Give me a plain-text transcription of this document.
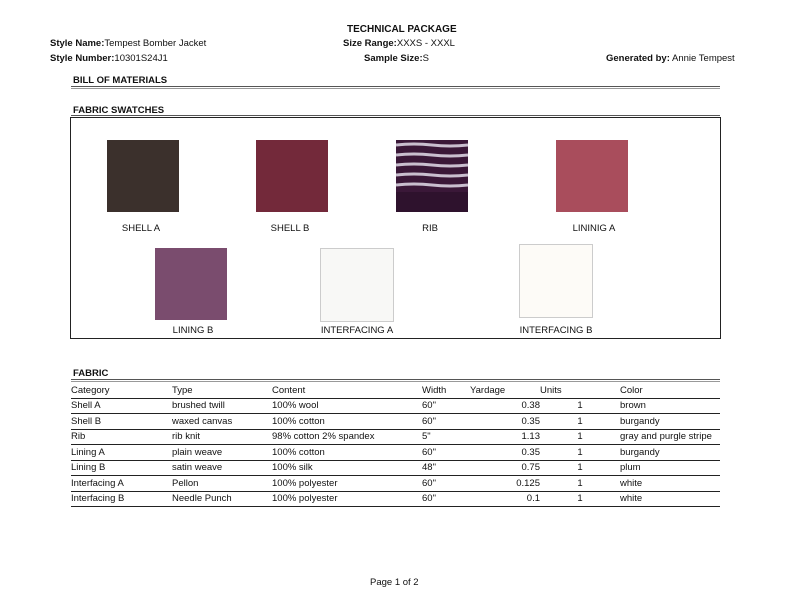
TECHNICAL PACKAGE
Style Name:Tempest Bomber Jacket
Style Number:10301S24J1
Size Range:XXXS - XXXL
Sample Size:S	Generated by: Annie Tempest
BILL OF MATERIALS
FABRIC SWATCHES
SHELL A	SHELL B	RIB	LININIG A
LINING B	INTERFACING A	INTERFACING B
FABRIC
Category	Type	Content	Width	Yardage	Units	Color
Shell A	brushed twill	100% wool	60"	0.38	1	brown
Shell B	waxed canvas	100% cotton	60"	0.35	1	burgandy
Rib	rib knit	98% cotton 2% spandex	5"	1.13	1	gray and purgle stripe
Lining A	plain weave	100% cotton	60"	0.35	1	burgandy
Lining B	satin weave	100% silk	48"	0.75	1	plum
Interfacing A	Pellon	100% polyester	60"	0.125	1	white
Interfacing B	Needle Punch	100% polyester	60"	0.1	1	white
Page 1 of 2
